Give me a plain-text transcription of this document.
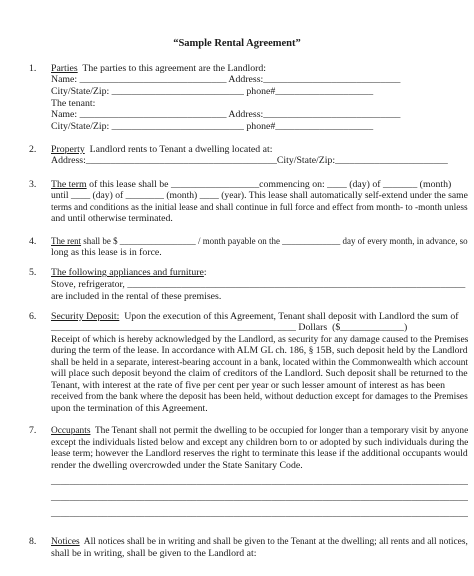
“Sample Rental Agreement”
1. Parties  The parties to this agreement are the Landlord:
Name: ______________________________ Address:____________________________
City/State/Zip: ___________________________ phone#____________________
The tenant:
Name: ______________________________ Address:____________________________
City/State/Zip: ___________________________ phone#____________________
2. Property  Landlord rents to Tenant a dwelling located at:
Address:_______________________________________City/State/Zip:_______________________
3. The term of this lease shall be __________________commencing on: ____ (day) of _______ (month)
until ____ (day) of ________ (month) ____ (year). This lease shall automatically self-extend under the same
terms and conditions as the initial lease and shall continue in full force and effect from month- to -month unless
and until otherwise terminated.
4. The rent shall be $ _________________ / month payable on the _____________ day of every month, in advance, so
long as this lease is in force.
5. The following appliances and furniture:
Stove, refrigerator, _____________________________________________________________________
are included in the rental of these premises.
6. Security Deposit:  Upon the execution of this Agreement, Tenant shall deposit with Landlord the sum of
__________________________________________________ Dollars  ($_____________)
Receipt of which is hereby acknowledged by the Landlord, as security for any damage caused to the Premises
during the term of the lease. In accordance with ALM GL ch. 186, § 15B, such deposit held by the Landlord
shall be held in a separate, interest-bearing account in a bank, located within the Commonwealth which account
will place such deposit beyond the claim of creditors of the Landlord. Such deposit shall be returned to the
Tenant, with interest at the rate of five per cent per year or such lesser amount of interest as has been
received from the bank where the deposit has been held, without deduction except for damages to the Premises
upon the termination of this Agreement.
7. Occupants  The Tenant shall not permit the dwelling to be occupied for longer than a temporary visit by anyone
except the individuals listed below and except any children born to or adopted by such individuals during the
lease term; however the Landlord reserves the right to terminate this lease if the additional occupants would
render the dwelling overcrowded under the State Sanitary Code.
_________________________________________________________________________________________
_________________________________________________________________________________________
_________________________________________________________________________________________
8. Notices  All notices shall be in writing and shall be given to the Tenant at the dwelling; all rents and all notices,
shall be in writing, shall be given to the Landlord at:
